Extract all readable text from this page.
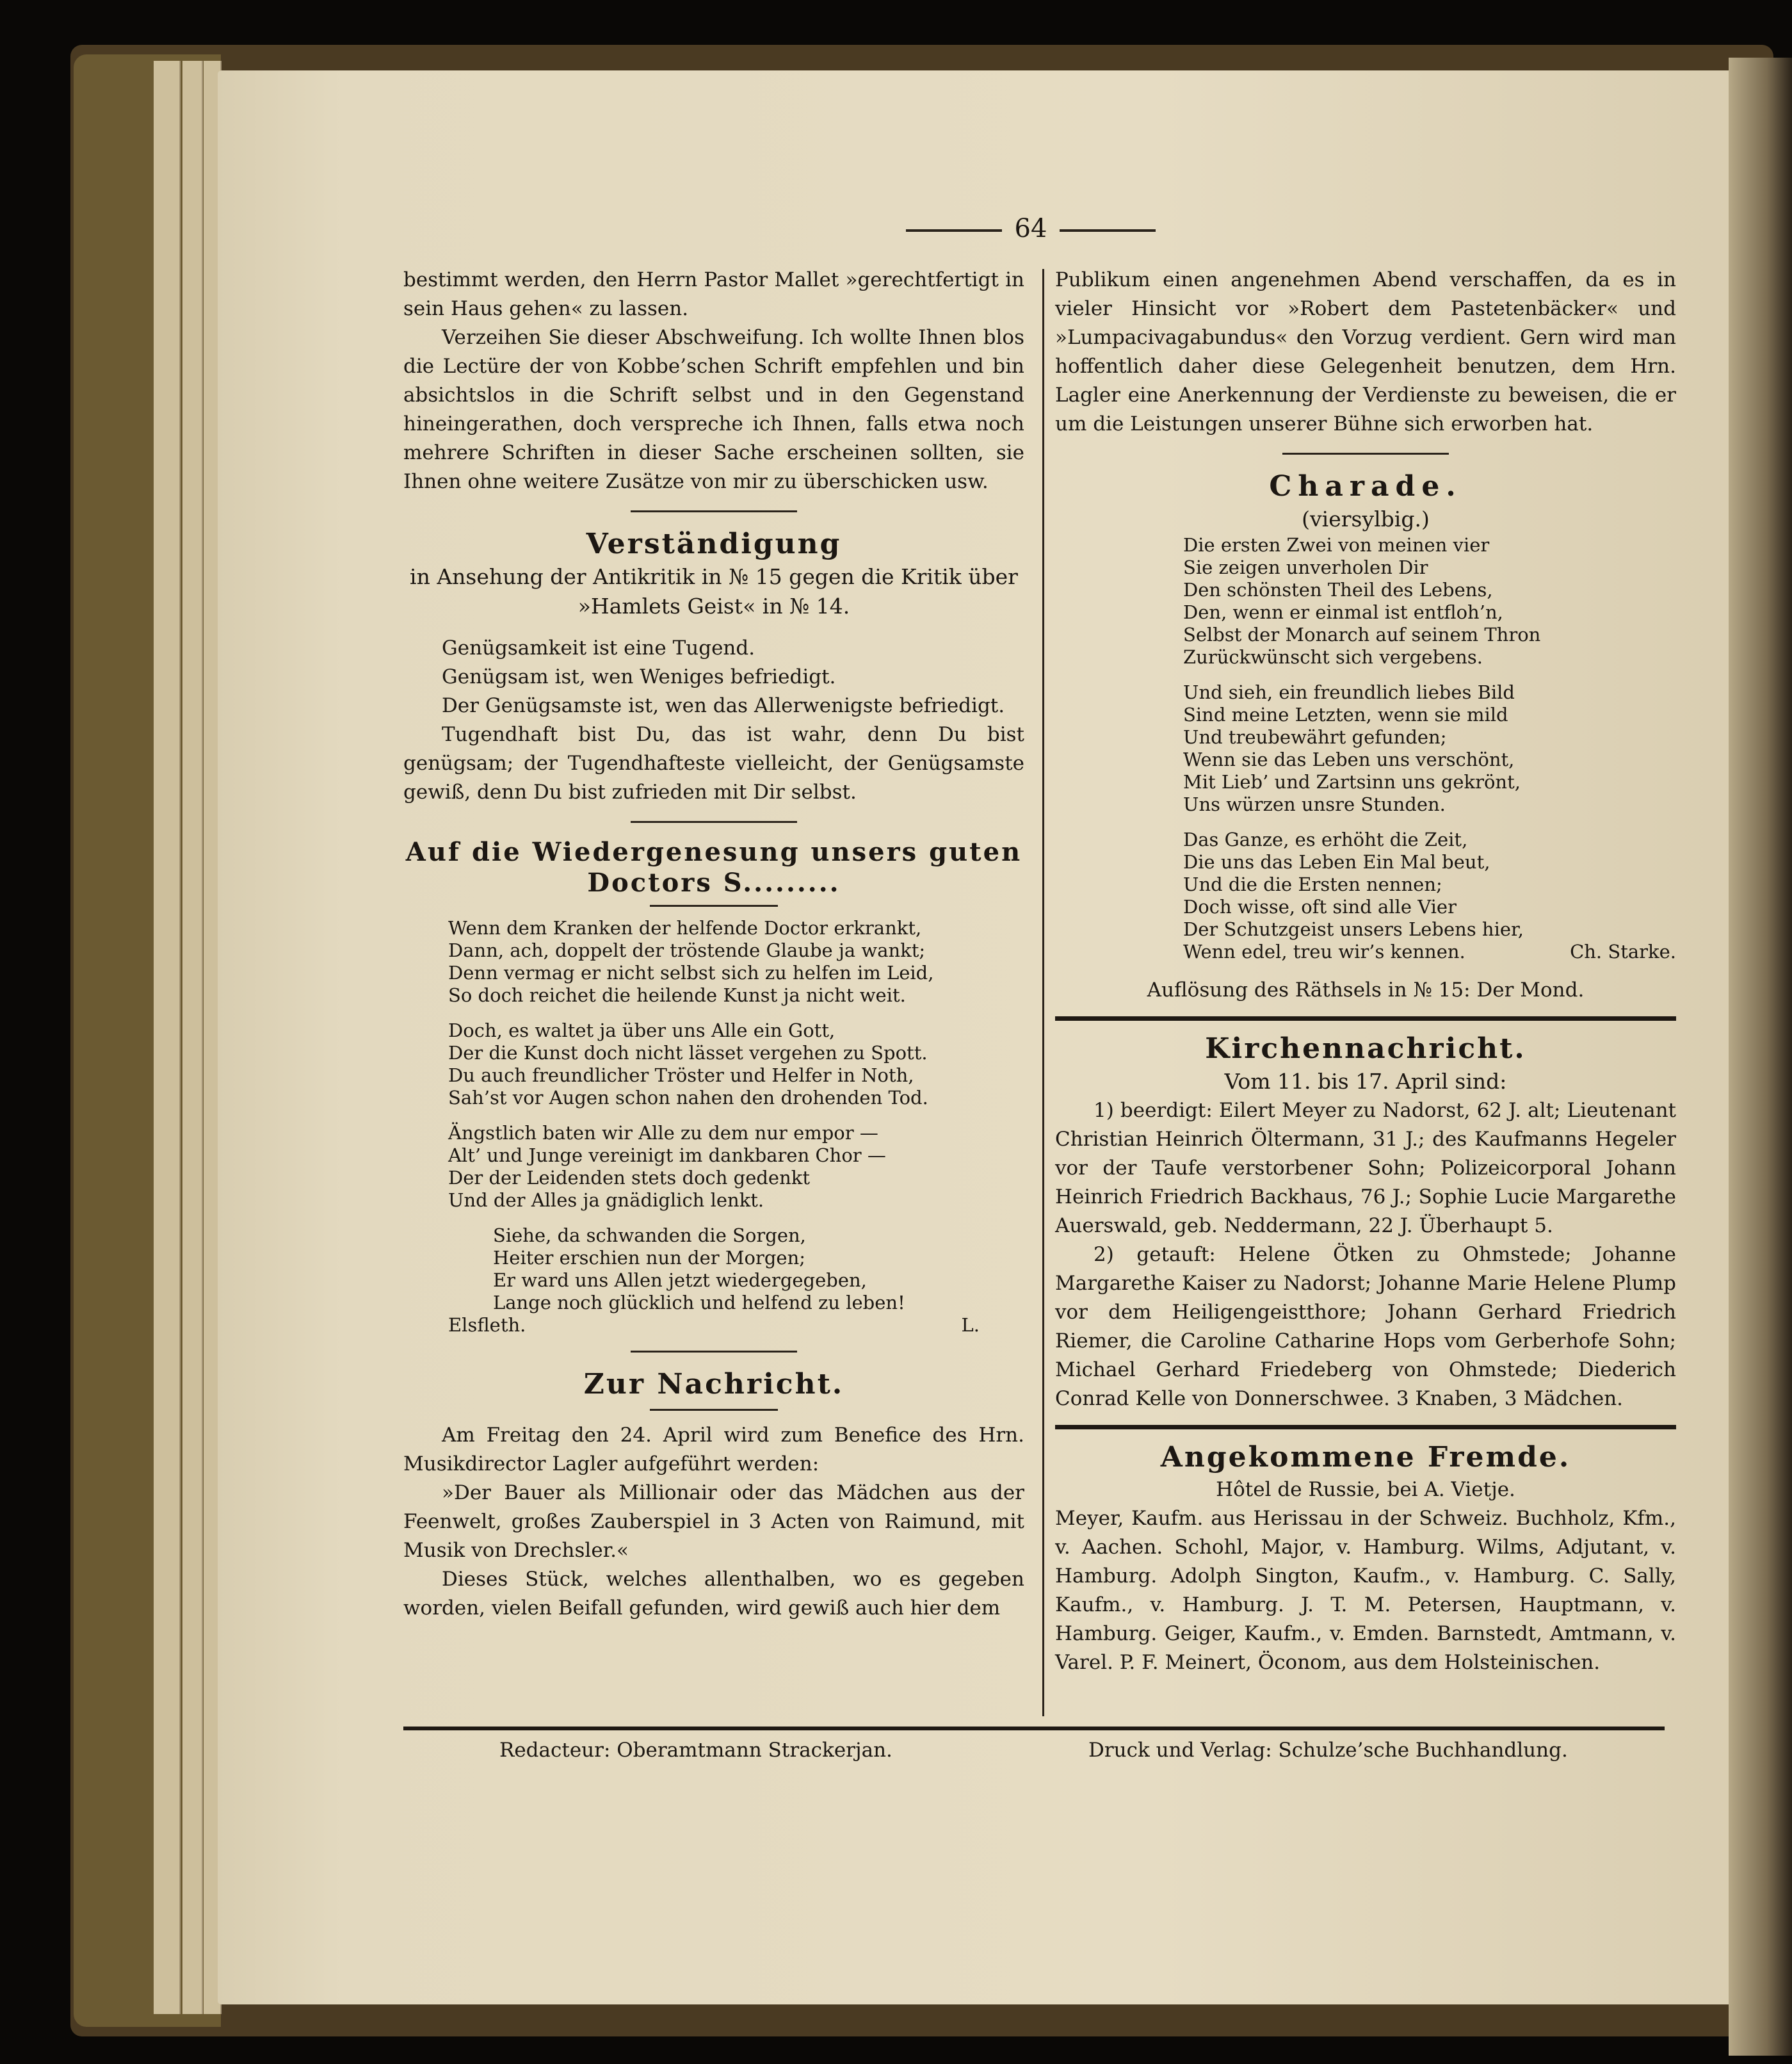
64

bestimmt werden, den Herrn Pastor Mallet »gerechtfertigt in sein Haus gehen« zu lassen.

Verzeihen Sie dieser Abschweifung. Ich wollte Ihnen blos die Lectüre der von Kobbe’schen Schrift empfehlen und bin absichtslos in die Schrift selbst und in den Gegenstand hineingerathen, doch verspreche ich Ihnen, falls etwa noch mehrere Schriften in dieser Sache erscheinen sollten, sie Ihnen ohne weitere Zusätze von mir zu überschicken usw.

Verständigung
in Ansehung der Antikritik in № 15 gegen die Kritik über »Hamlets Geist« in № 14.

Genügsamkeit ist eine Tugend.

Genügsam ist, wen Weniges befriedigt.

Der Genügsamste ist, wen das Allerwenigste befriedigt.

Tugendhaft bist Du, das ist wahr, denn Du bist genügsam; der Tugendhafteste vielleicht, der Genügsamste gewiß, denn Du bist zufrieden mit Dir selbst.

Auf die Wiedergenesung unsers guten Doctors S.........
Wenn dem Kranken der helfende Doctor erkrankt,
Dann, ach, doppelt der tröstende Glaube ja wankt;
Denn vermag er nicht selbst sich zu helfen im Leid,
So doch reichet die heilende Kunst ja nicht weit.
Doch, es waltet ja über uns Alle ein Gott,
Der die Kunst doch nicht lässet vergehen zu Spott.
Du auch freundlicher Tröster und Helfer in Noth,
Sah’st vor Augen schon nahen den drohenden Tod.
Ängstlich baten wir Alle zu dem nur empor —
Alt’ und Junge vereinigt im dankbaren Chor —
Der der Leidenden stets doch gedenkt
Und der Alles ja gnädiglich lenkt.
Siehe, da schwanden die Sorgen,
Heiter erschien nun der Morgen;
Er ward uns Allen jetzt wiedergegeben,
Lange noch glücklich und helfend zu leben!
Elsfleth.	L.
Zur Nachricht.

Am Freitag den 24. April wird zum Benefice des Hrn. Musikdirector Lagler aufgeführt werden:

»Der Bauer als Millionair oder das Mädchen aus der Feenwelt, großes Zauberspiel in 3 Acten von Raimund, mit Musik von Drechsler.«

Dieses Stück, welches allenthalben, wo es gegeben worden, vielen Beifall gefunden, wird gewiß auch hier dem

Publikum einen angenehmen Abend verschaffen, da es in vieler Hinsicht vor »Robert dem Pastetenbäcker« und »Lumpacivagabundus« den Vorzug verdient. Gern wird man hoffentlich daher diese Gelegenheit benutzen, dem Hrn. Lagler eine Anerkennung der Verdienste zu beweisen, die er um die Leistungen unserer Bühne sich erworben hat.

Charade.
(viersylbig.)
Die ersten Zwei von meinen vier
Sie zeigen unverholen Dir
Den schönsten Theil des Lebens,
Den, wenn er einmal ist entfloh’n,
Selbst der Monarch auf seinem Thron
Zurückwünscht sich vergebens.
Und sieh, ein freundlich liebes Bild
Sind meine Letzten, wenn sie mild
Und treubewährt gefunden;
Wenn sie das Leben uns verschönt,
Mit Lieb’ und Zartsinn uns gekrönt,
Uns würzen unsre Stunden.
Das Ganze, es erhöht die Zeit,
Die uns das Leben Ein Mal beut,
Und die die Ersten nennen;
Doch wisse, oft sind alle Vier
Der Schutzgeist unsers Lebens hier,
Wenn edel, treu wir’s kennen.	Ch. Starke.
Auflösung des Räthsels in № 15: Der Mond.
Kirchennachricht.
Vom 11. bis 17. April sind:

1) beerdigt: Eilert Meyer zu Nadorst, 62 J. alt; Lieutenant Christian Heinrich Öltermann, 31 J.; des Kaufmanns Hegeler vor der Taufe verstorbener Sohn; Polizeicorporal Johann Heinrich Friedrich Backhaus, 76 J.; Sophie Lucie Margarethe Auerswald, geb. Neddermann, 22 J. Überhaupt 5.

2) getauft: Helene Ötken zu Ohmstede; Johanne Margarethe Kaiser zu Nadorst; Johanne Marie Helene Plump vor dem Heiligengeistthore; Johann Gerhard Friedrich Riemer, die Caroline Catharine Hops vom Gerberhofe Sohn; Michael Gerhard Friedeberg von Ohmstede; Diederich Conrad Kelle von Donnerschwee. 3 Knaben, 3 Mädchen.

Angekommene Fremde.
Hôtel de Russie, bei A. Vietje.

Meyer, Kaufm. aus Herissau in der Schweiz. Buchholz, Kfm., v. Aachen. Schohl, Major, v. Hamburg. Wilms, Adjutant, v. Hamburg. Adolph Sington, Kaufm., v. Hamburg. C. Sally, Kaufm., v. Hamburg. J. T. M. Petersen, Hauptmann, v. Hamburg. Geiger, Kaufm., v. Emden. Barnstedt, Amtmann, v. Varel. P. F. Meinert, Öconom, aus dem Holsteinischen.

Redacteur: Oberamtmann Strackerjan.	Druck und Verlag: Schulze’sche Buchhandlung.
